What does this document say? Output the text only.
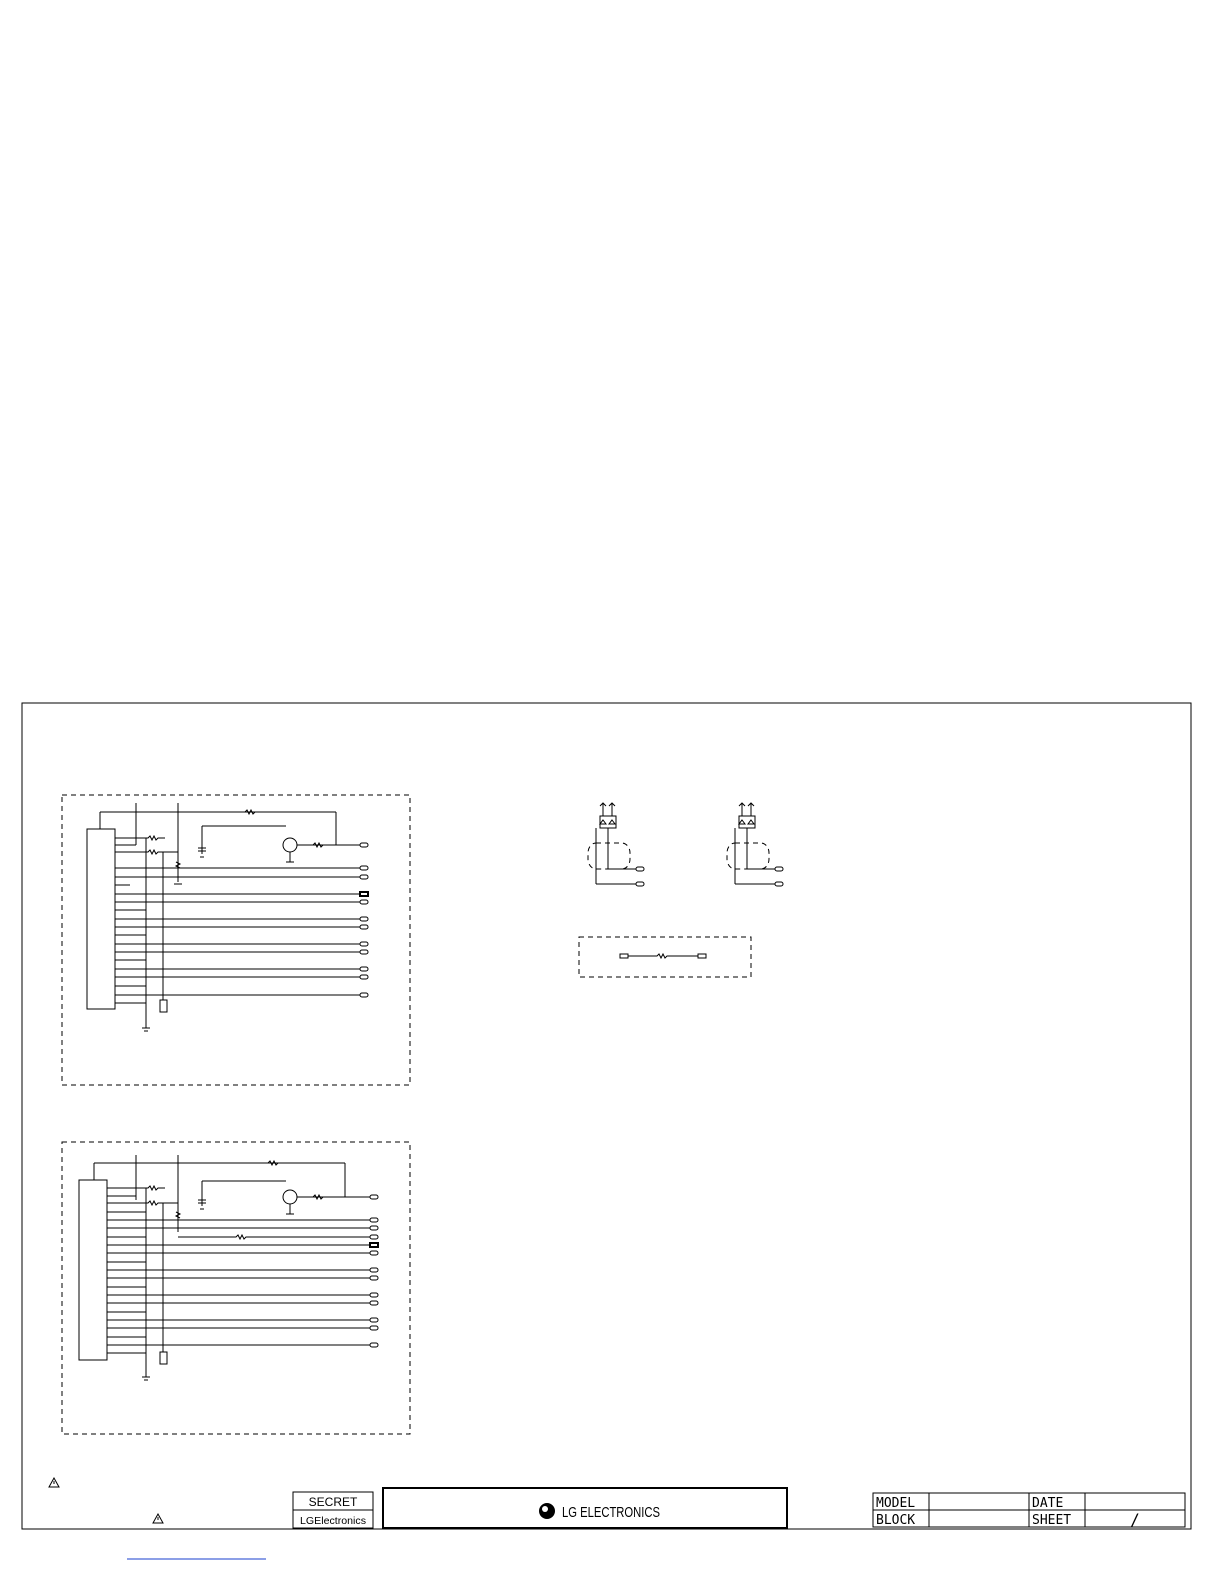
SECRET
LGElectronics
LG ELECTRONICS
MODEL
BLOCK
DATE
SHEET	/
